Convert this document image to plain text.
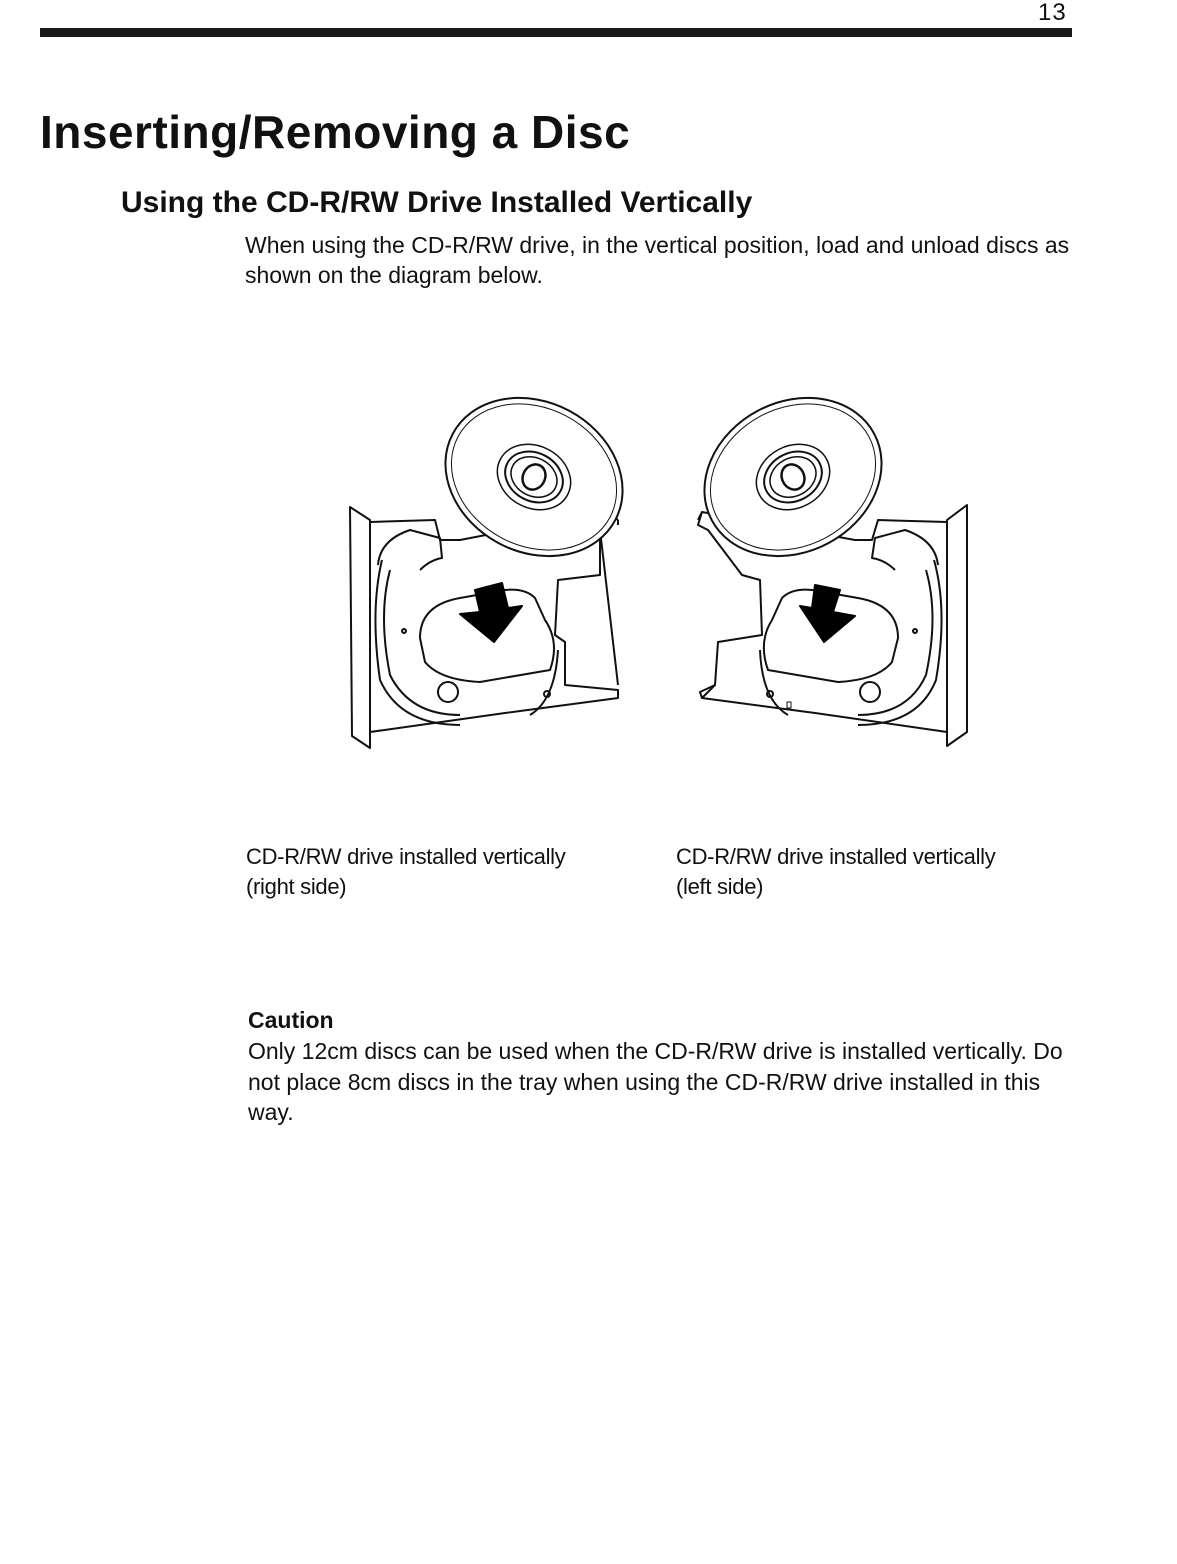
13
Inserting/Removing a Disc
Using the CD-R/RW Drive Installed Vertically

When using the CD-R/RW drive, in the vertical position, load and unload discs as shown on the diagram below.

CD-R/RW drive installed vertically
(right side)
CD-R/RW drive installed vertically
(left side)
Caution

Only 12cm discs can be used when the CD-R/RW drive is installed vertically. Do not place 8cm discs in the tray when using the CD-R/RW drive installed in this way.
